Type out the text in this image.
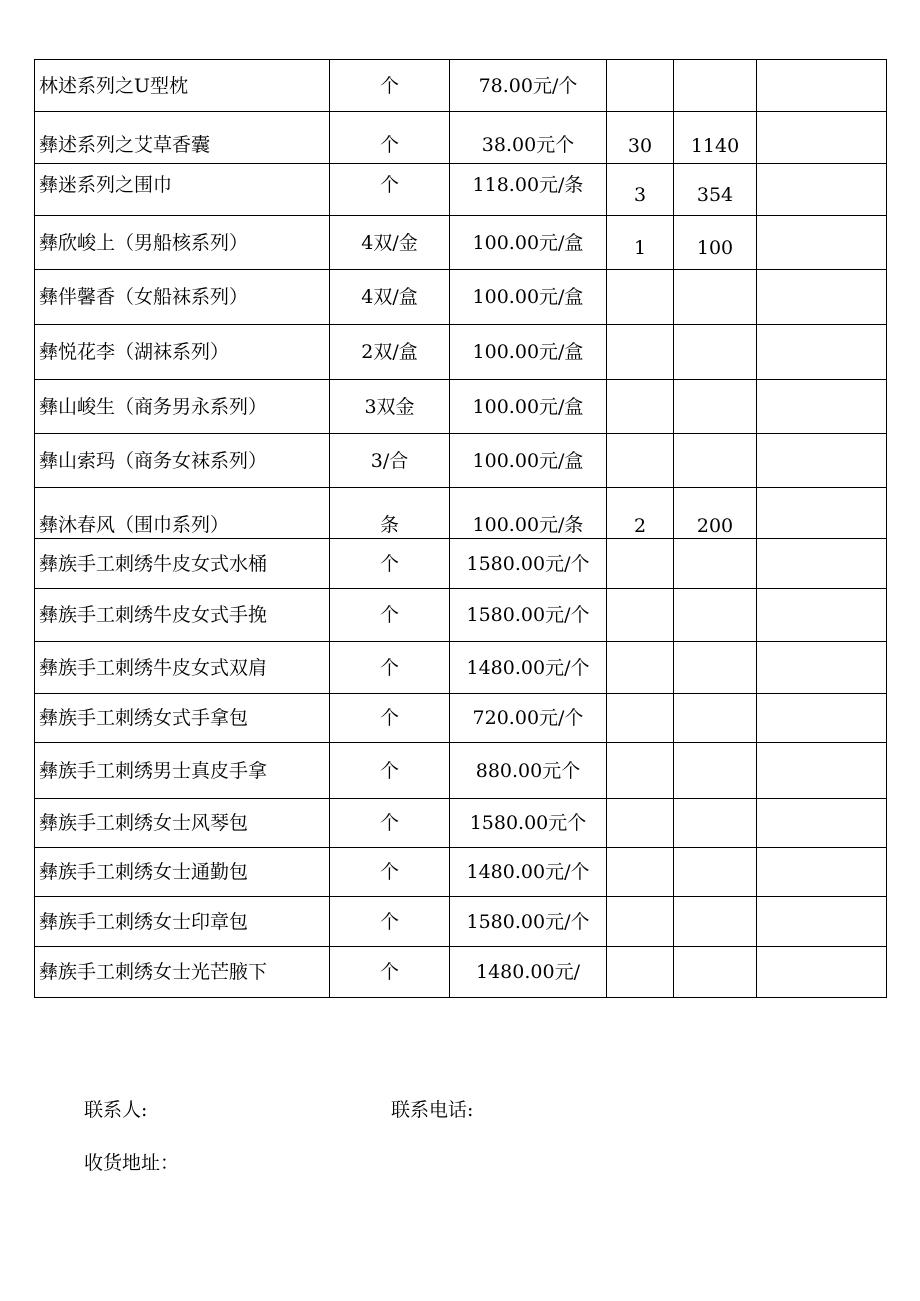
林述系列之U型枕	个	78.00元/个			
彝述系列之艾草香囊	个	38.00元个	30	1140	
彝迷系列之围巾	个	118.00元/条	3	354	
彝欣峻上（男船核系列）	4双/金	100.00元/盒	1	100	
彝伴馨香（女船袜系列）	4双/盒	100.00元/盒			
彝悦花李（湖袜系列）	2双/盒	100.00元/盒			
彝山峻生（商务男永系列）	3双金	100.00元/盒			
彝山索玛（商务女袜系列）	3/合	100.00元/盒			
彝沐春风（围巾系列）	条	100.00元/条	2	200	
彝族手工刺绣牛皮女式水桶	个	1580.00元/个			
彝族手工刺绣牛皮女式手挽	个	1580.00元/个			
彝族手工刺绣牛皮女式双肩	个	1480.00元/个			
彝族手工刺绣女式手拿包	个	720.00元/个			
彝族手工刺绣男士真皮手拿	个	880.00元个			
彝族手工刺绣女士风琴包	个	1580.00元个			
彝族手工刺绣女士通勤包	个	1480.00元/个			
彝族手工刺绣女士印章包	个	1580.00元/个			
彝族手工刺绣女士光芒腋下	个	1480.00元/			
联系人:	联系电话:
收货地址：
